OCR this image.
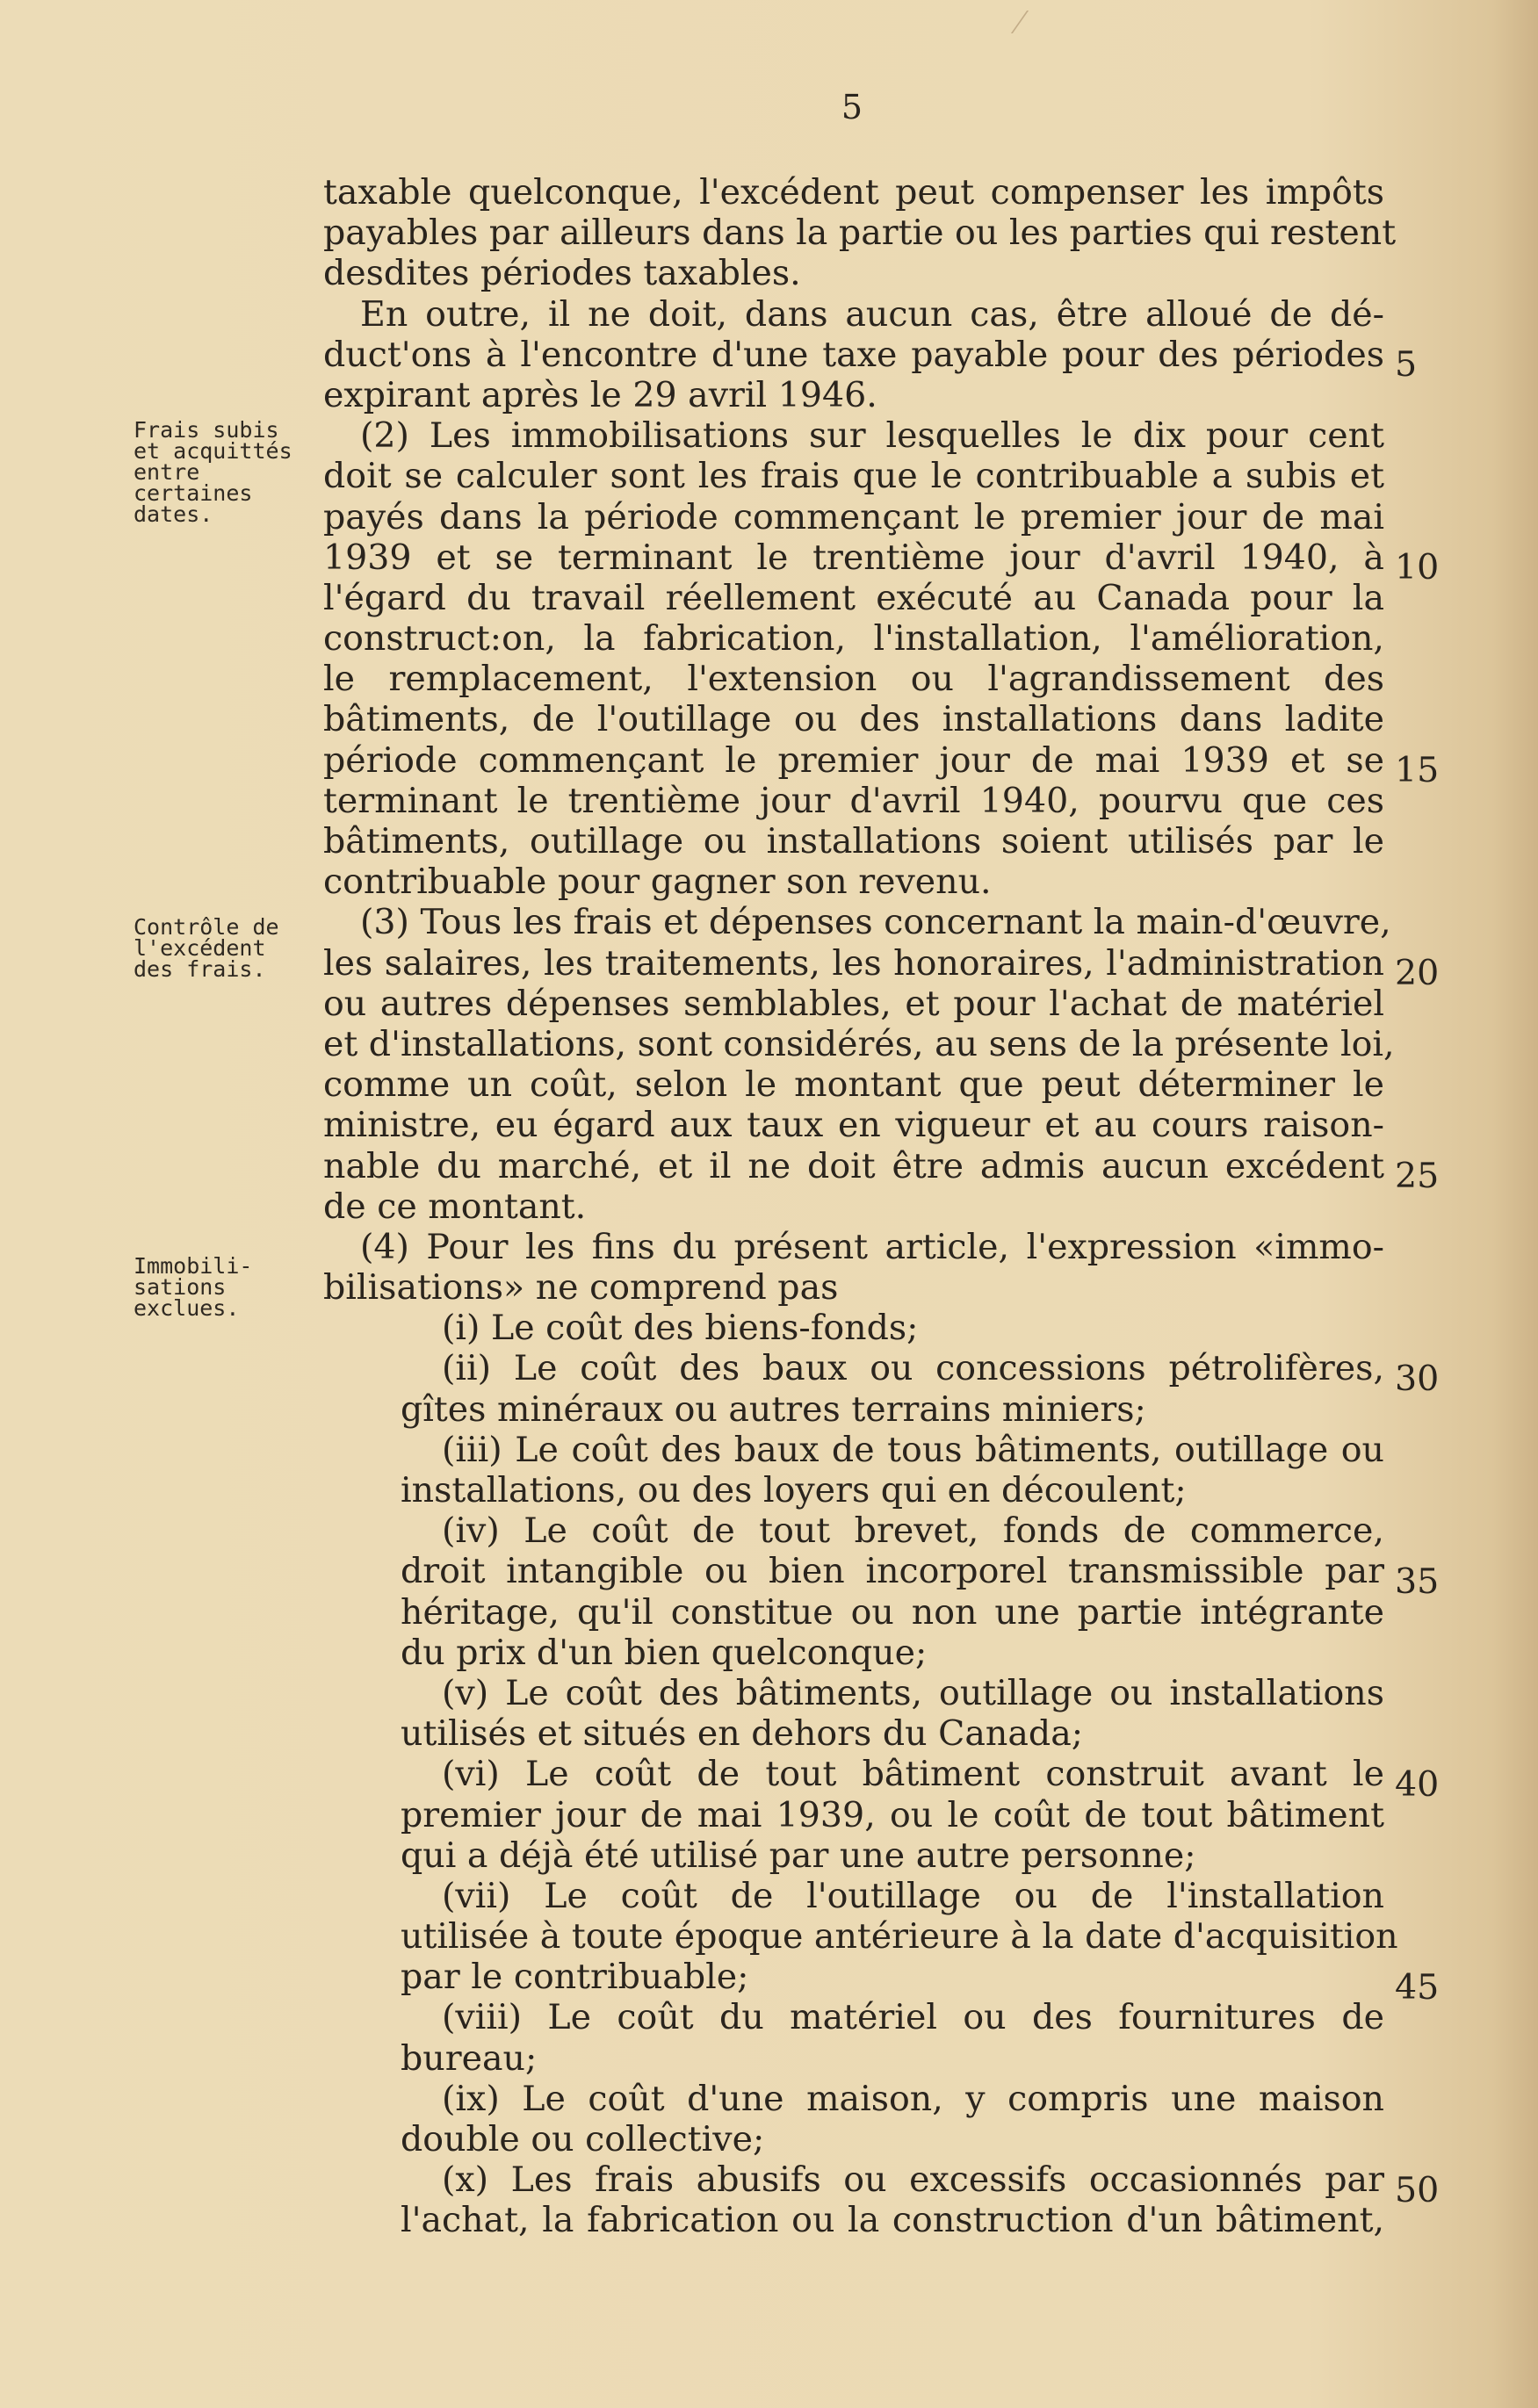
5
Frais subis
et acquittés
entre
certaines
dates.
Contrôle de
l'excédent
des frais.
Immobili-
sations
exclues.
taxable quelconque, l'excédent peut compenser les impôts
payables par ailleurs dans la partie ou les parties qui restent
desdites périodes taxables.
En outre, il ne doit, dans aucun cas, être alloué de dé-
duct'ons à l'encontre d'une taxe payable pour des périodes
expirant après le 29 avril 1946.
(2) Les immobilisations sur lesquelles le dix pour cent
doit se calculer sont les frais que le contribuable a subis et
payés dans la période commençant le premier jour de mai
1939 et se terminant le trentième jour d'avril 1940, à
l'égard du travail réellement exécuté au Canada pour la
construct:on, la fabrication, l'installation, l'amélioration,
le remplacement, l'extension ou l'agrandissement des
bâtiments, de l'outillage ou des installations dans ladite
période commençant le premier jour de mai 1939 et se
terminant le trentième jour d'avril 1940, pourvu que ces
bâtiments, outillage ou installations soient utilisés par le
contribuable pour gagner son revenu.
(3) Tous les frais et dépenses concernant la main-d'œuvre,
les salaires, les traitements, les honoraires, l'administration
ou autres dépenses semblables, et pour l'achat de matériel
et d'installations, sont considérés, au sens de la présente loi,
comme un coût, selon le montant que peut déterminer le
ministre, eu égard aux taux en vigueur et au cours raison-
nable du marché, et il ne doit être admis aucun excédent
de ce montant.
(4) Pour les fins du présent article, l'expression «immo-
bilisations» ne comprend pas
(i) Le coût des biens-fonds;
(ii) Le coût des baux ou concessions pétrolifères,
gîtes minéraux ou autres terrains miniers;
(iii) Le coût des baux de tous bâtiments, outillage ou
installations, ou des loyers qui en découlent;
(iv) Le coût de tout brevet, fonds de commerce,
droit intangible ou bien incorporel transmissible par
héritage, qu'il constitue ou non une partie intégrante
du prix d'un bien quelconque;
(v) Le coût des bâtiments, outillage ou installations
utilisés et situés en dehors du Canada;
(vi) Le coût de tout bâtiment construit avant le
premier jour de mai 1939, ou le coût de tout bâtiment
qui a déjà été utilisé par une autre personne;
(vii) Le coût de l'outillage ou de l'installation
utilisée à toute époque antérieure à la date d'acquisition
par le contribuable;
(viii) Le coût du matériel ou des fournitures de
bureau;
(ix) Le coût d'une maison, y compris une maison
double ou collective;
(x) Les frais abusifs ou excessifs occasionnés par
l'achat, la fabrication ou la construction d'un bâtiment,
5
10
15
20
25
30
35
40
45
50
